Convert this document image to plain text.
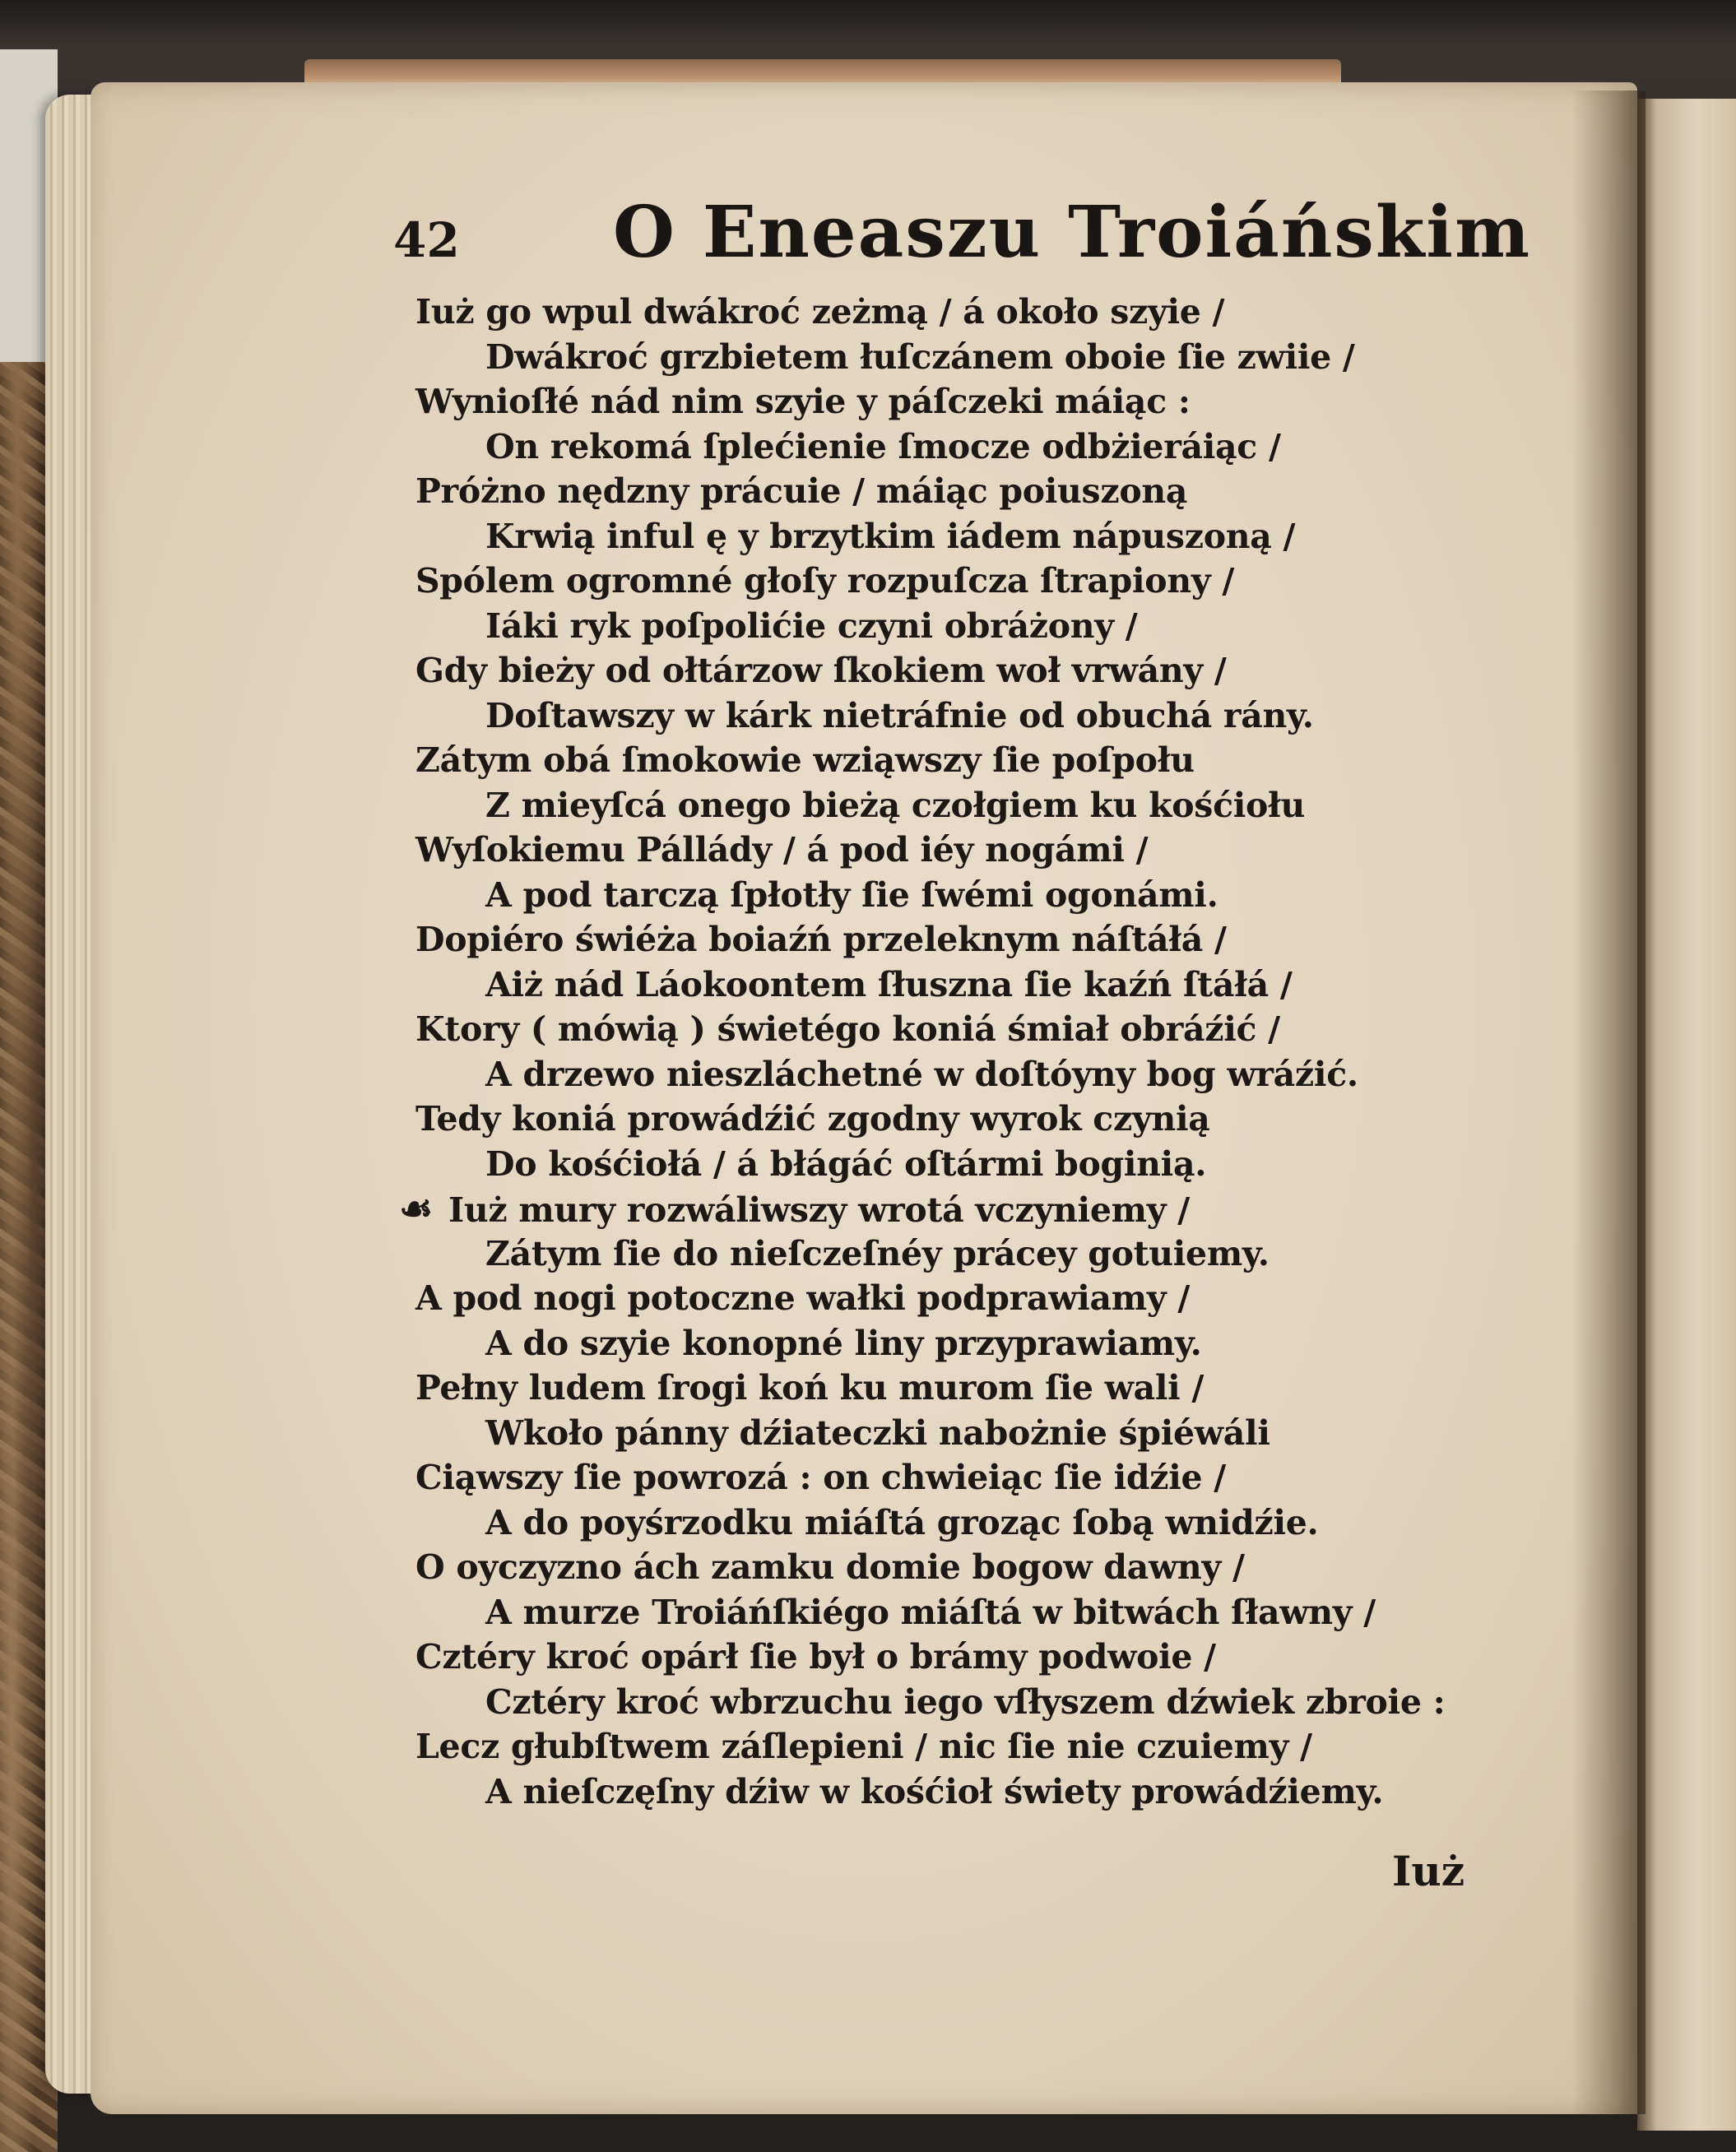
42 O Eneaszu Troiáńskim
Iuż go wpul dwákroć zeżmą / á około szyie /
Dwákroć grzbietem łuſczánem oboie ſie zwiie /
Wynioſłé nád nim szyie y páſczeki máiąc :
On rekomá ſplećienie ſmocze odbżieráiąc /
Próżno nędzny prácuie / máiąc poiuszoną
Krwią inful ę y brzytkim iádem nápuszoną /
Spólem ogromné głoſy rozpuſcza ſtrapiony /
Iáki ryk poſpolićie czyni obráżony /
Gdy bieży od ołtárzow ſkokiem woł vrwány /
Doſtawszy w kárk nietráfnie od obuchá rány.
Zátym obá ſmokowie wziąwszy ſie poſpołu
Z mieyſcá onego bieżą czołgiem ku kośćiołu
Wyſokiemu Pállády / á pod iéy nogámi /
A pod tarczą ſpłotły ſie ſwémi ogonámi.
Dopiéro świéża boiaźń przeleknym náſtáłá /
Aiż nád Láokoontem ſłuszna ſie kaźń ſtáłá /
Ktory ( mówią ) świetégo koniá śmiał obráźić /
A drzewo nieszláchetné w doſtóyny bog wráźić.
Tedy koniá prowádźić zgodny wyrok czynią
Do kośćiołá / á błágáć oſtármi boginią.
☙ Iuż mury rozwáliwszy wrotá vczyniemy /
Zátym ſie do nieſczeſnéy prácey gotuiemy.
A pod nogi potoczne wałki podprawiamy /
A do szyie konopné liny przyprawiamy.
Pełny ludem ſrogi koń ku murom ſie wali /
Wkoło pánny dźiateczki nabożnie śpiéwáli
Ciąwszy ſie powrozá : on chwieiąc ſie idźie /
A do poyśrzodku miáſtá groząc ſobą wnidźie.
O oyczyzno ách zamku domie bogow dawny /
A murze Troiáńſkiégo miáſtá w bitwách ſławny /
Cztéry kroć opárł ſie był o brámy podwoie /
Cztéry kroć wbrzuchu iego vſłyszem dźwiek zbroie :
Lecz głubſtwem záſlepieni / nic ſie nie czuiemy /
A nieſczęſny dźiw w kośćioł świety prowádźiemy.
Iuż
